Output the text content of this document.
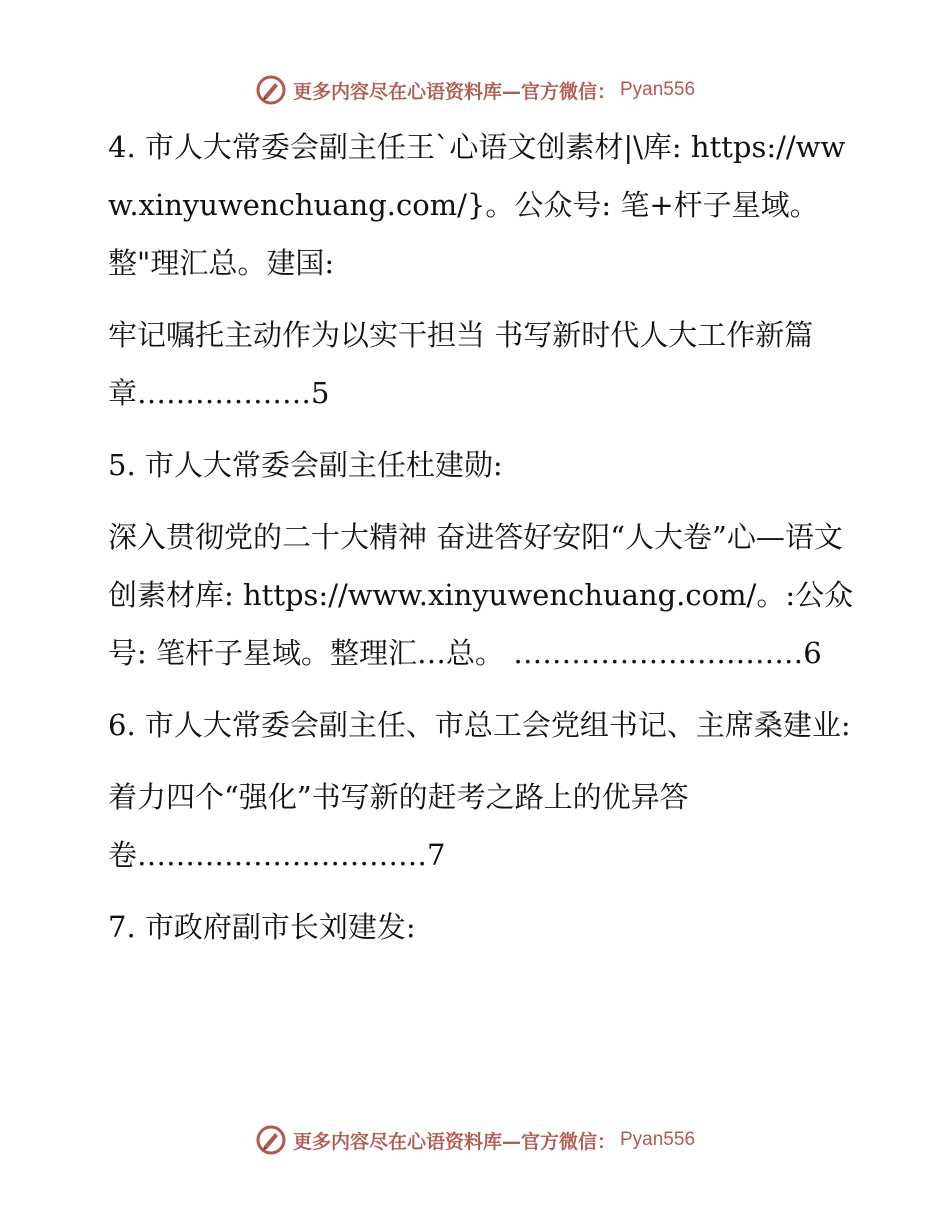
更多内容尽在心语资料库—官方微信： Pyan556

4. 市人大常委会副主任王`心语文创素材|\库: https://www.xinyuwenchuang.com/}。公众号: 笔+杆子星域。整"理汇总。建国:

牢记嘱托主动作为以实干担当 书写新时代人大工作新篇章………………5

5. 市人大常委会副主任杜建勋:

深入贯彻党的二十大精神 奋进答好安阳“人大卷”心—语文创素材库: https://www.xinyuwenchuang.com/。:公众号: 笔杆子星域。整理汇…总。 …………………………6

6. 市人大常委会副主任、市总工会党组书记、主席桑建业:

着力四个“强化”书写新的赶考之路上的优异答卷…………………………7

7. 市政府副市长刘建发:

更多内容尽在心语资料库—官方微信： Pyan556
